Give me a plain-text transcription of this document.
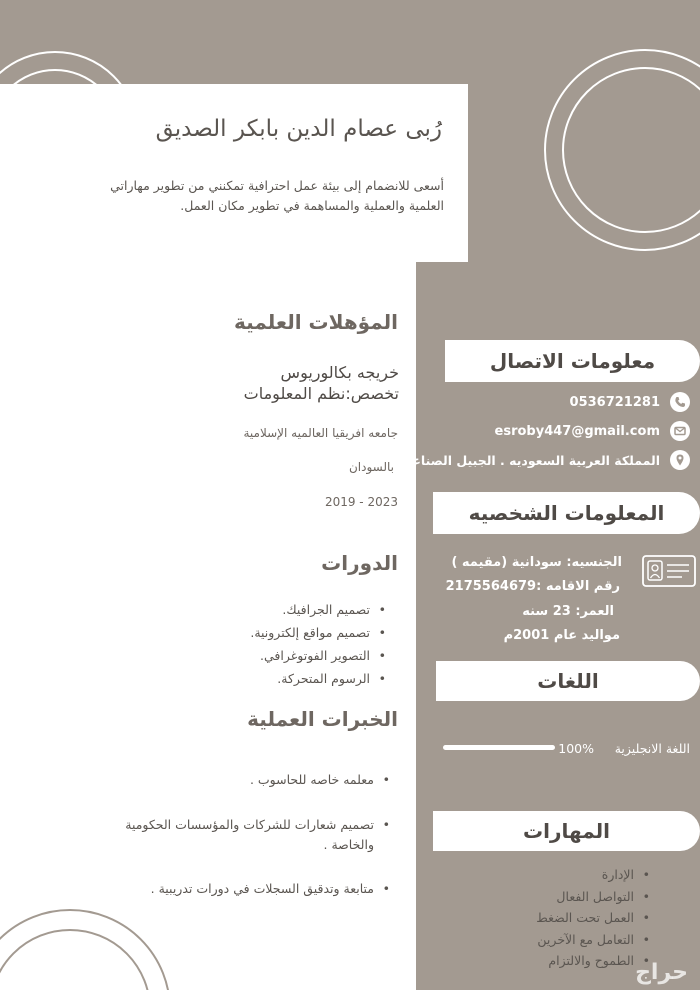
رُبى عصام الدين بابكر الصديق
أسعى للانضمام إلى بيئة عمل احترافية تمكنني من تطوير مهاراتي العلمية والعملية والمساهمة في تطوير مكان العمل.
المؤهلات العلمية
خريجه بكالوريوس
تخصص:نظم المعلومات
جامعه افريقيا العالميه الإسلامية
بالسودان
2019 - 2023
الدورات
• تصميم الجرافيك.
• تصميم مواقع إلكترونية.
• التصوير الفوتوغرافي.
• الرسوم المتحركة.
الخبرات العملية
• معلمه خاصه للحاسوب .
• تصميم شعارات للشركات والمؤسسات الحكومية والخاصة .
• متابعة وتدقيق السجلات في دورات تدريبية .
معلومات الاتصال
0536721281
esroby447@gmail.com
المملكة العربية السعوديه . الجبيل الصناعيه
المعلومات الشخصيه
الجنسيه: سودانية (مقيمه )
رقم الاقامه :2175564679
العمر: 23 سنه
مواليد عام 2001م
اللغات
اللغة الانجليزية
100%
المهارات
• الإدارة
• التواصل الفعال
• العمل تحت الضغط
• التعامل مع الآخرين
• الطموح والالتزام حراج
